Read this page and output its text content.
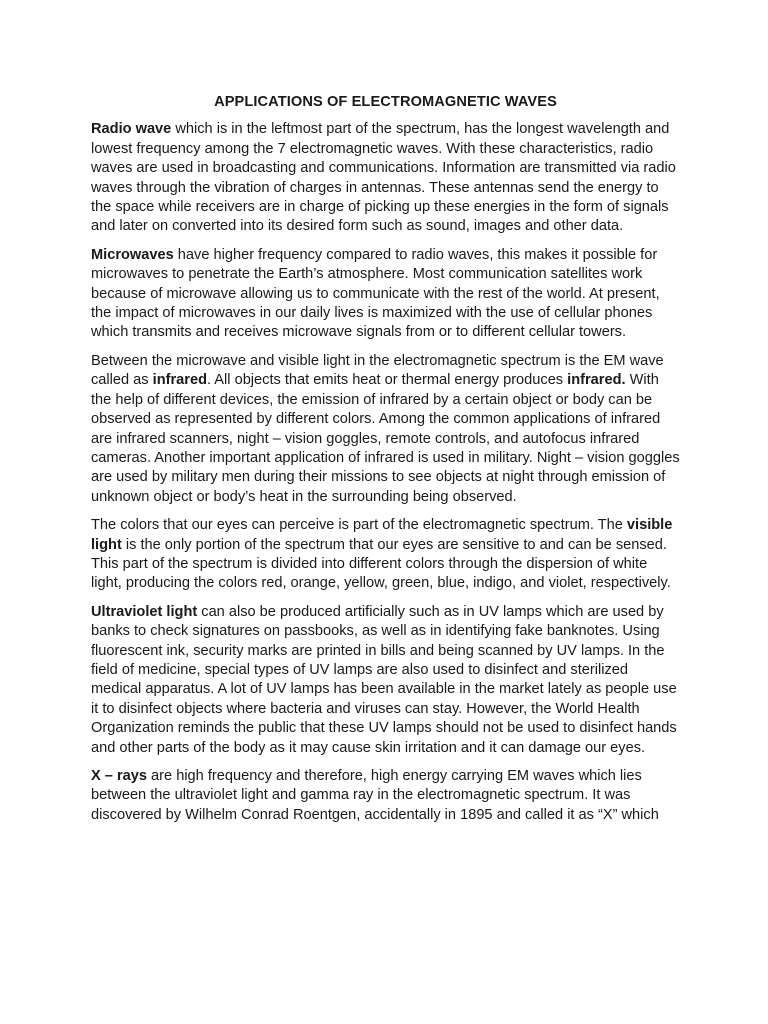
APPLICATIONS OF ELECTROMAGNETIC WAVES

Radio wave which is in the leftmost part of the spectrum, has the longest wavelength and lowest frequency among the 7 electromagnetic waves. With these characteristics, radio waves are used in broadcasting and communications. Information are transmitted via radio waves through the vibration of charges in antennas. These antennas send the energy to the space while receivers are in charge of picking up these energies in the form of signals and later on converted into its desired form such as sound, images and other data.

Microwaves have higher frequency compared to radio waves, this makes it possible for microwaves to penetrate the Earth’s atmosphere. Most communication satellites work because of microwave allowing us to communicate with the rest of the world. At present, the impact of microwaves in our daily lives is maximized with the use of cellular phones which transmits and receives microwave signals from or to different cellular towers.

Between the microwave and visible light in the electromagnetic spectrum is the EM wave called as infrared. All objects that emits heat or thermal energy produces infrared. With the help of different devices, the emission of infrared by a certain object or body can be observed as represented by different colors. Among the common applications of infrared are infrared scanners, night – vision goggles, remote controls, and autofocus infrared cameras. Another important application of infrared is used in military. Night – vision goggles are used by military men during their missions to see objects at night through emission of unknown object or body’s heat in the surrounding being observed.

The colors that our eyes can perceive is part of the electromagnetic spectrum. The visible light is the only portion of the spectrum that our eyes are sensitive to and can be sensed. This part of the spectrum is divided into different colors through the dispersion of white light, producing the colors red, orange, yellow, green, blue, indigo, and violet, respectively.

Ultraviolet light can also be produced artificially such as in UV lamps which are used by banks to check signatures on passbooks, as well as in identifying fake banknotes. Using fluorescent ink, security marks are printed in bills and being scanned by UV lamps. In the field of medicine, special types of UV lamps are also used to disinfect and sterilized medical apparatus. A lot of UV lamps has been available in the market lately as people use it to disinfect objects where bacteria and viruses can stay. However, the World Health Organization reminds the public that these UV lamps should not be used to disinfect hands and other parts of the body as it may cause skin irritation and it can damage our eyes.

X – rays are high frequency and therefore, high energy carrying EM waves which lies between the ultraviolet light and gamma ray in the electromagnetic spectrum. It was discovered by Wilhelm Conrad Roentgen, accidentally in 1895 and called it as “X” which
